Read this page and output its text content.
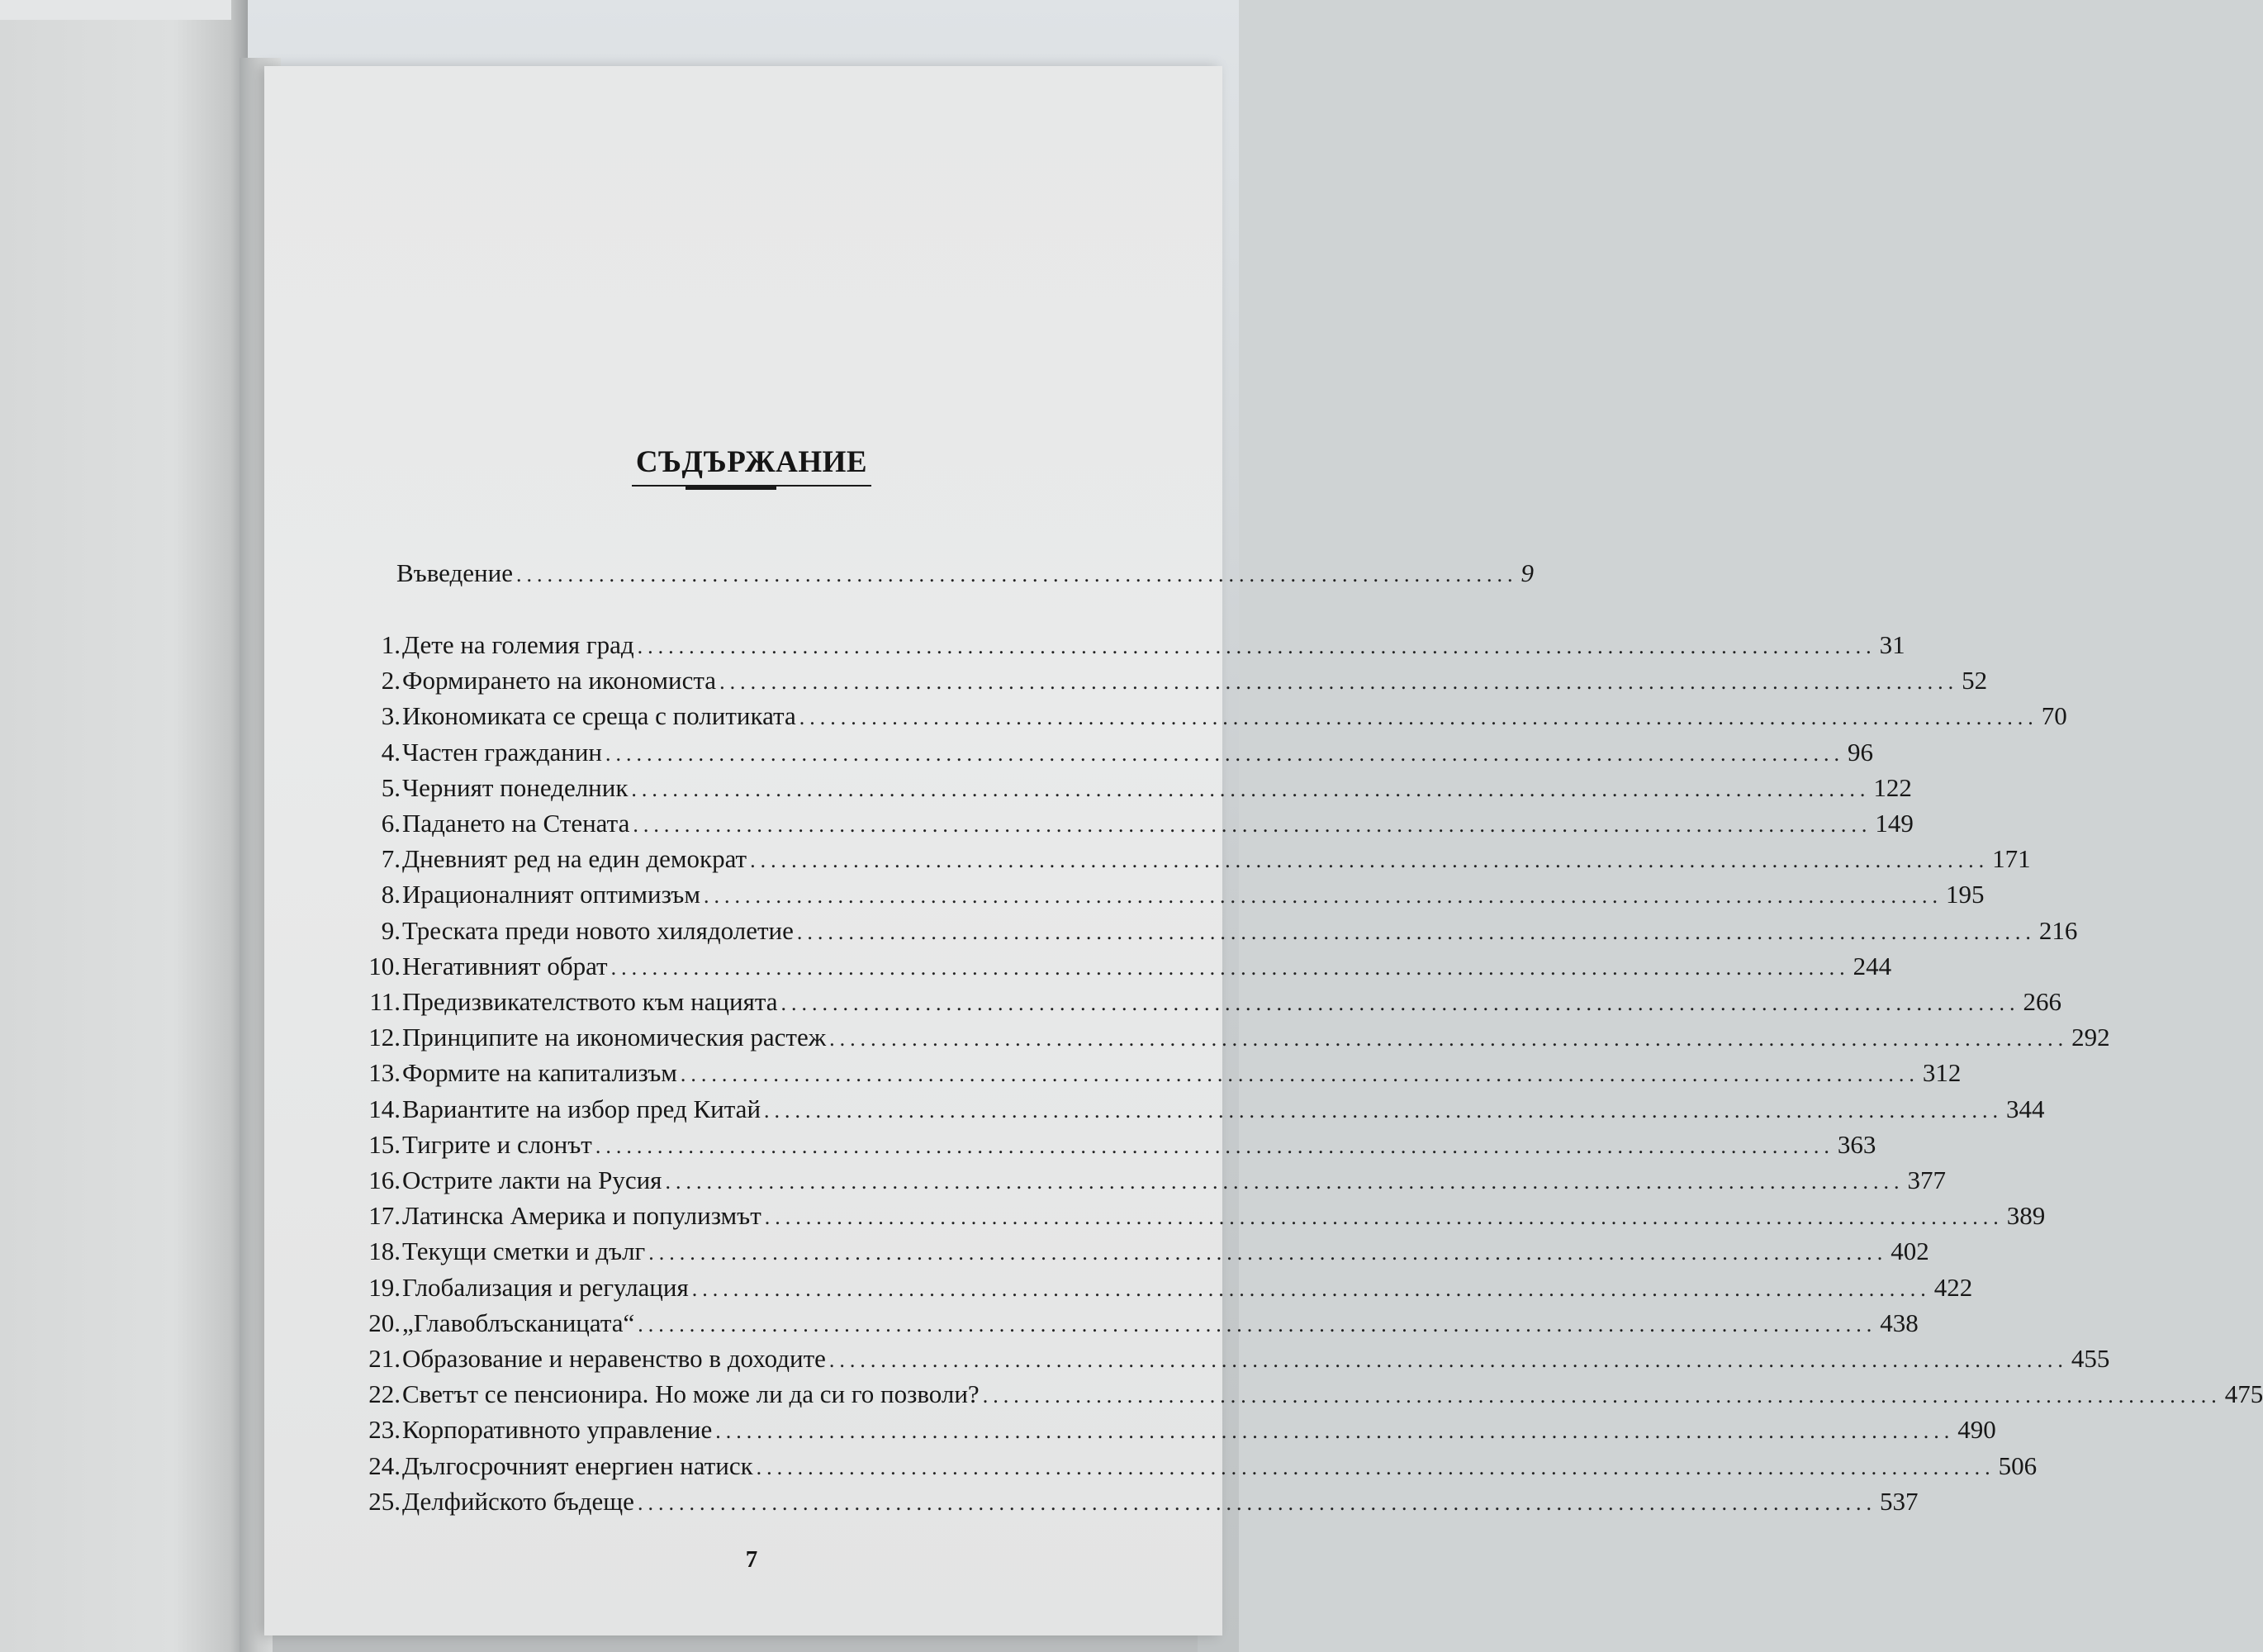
СЪДЪРЖАНИЕ
Въведение ................................................................................................. 9
1. Дете на големия град ........................................................................................................................ 31
2. Формирането на икономиста ........................................................................................................................ 52
3. Икономиката се среща с политиката ........................................................................................................................ 70
4. Частен гражданин ........................................................................................................................ 96
5. Черният понеделник ........................................................................................................................ 122
6. Падането на Стената ........................................................................................................................ 149
7. Дневният ред на един демократ ........................................................................................................................ 171
8. Ирационалният оптимизъм ........................................................................................................................ 195
9. Треската преди новото хилядолетие ........................................................................................................................ 216
10. Негативният обрат ........................................................................................................................ 244
11. Предизвикателството към нацията ........................................................................................................................ 266
12. Принципите на икономическия растеж ........................................................................................................................ 292
13. Формите на капитализъм ........................................................................................................................ 312
14. Вариантите на избор пред Китай ........................................................................................................................ 344
15. Тигрите и слонът ........................................................................................................................ 363
16. Острите лакти на Русия ........................................................................................................................ 377
17. Латинска Америка и популизмът ........................................................................................................................ 389
18. Текущи сметки и дълг ........................................................................................................................ 402
19. Глобализация и регулация ........................................................................................................................ 422
20. „Главоблъсканицата“ ........................................................................................................................ 438
21. Образование и неравенство в доходите ........................................................................................................................ 455
22. Светът се пенсионира. Но може ли да си го позволи? ........................................................................................................................ 475
23. Корпоративното управление ........................................................................................................................ 490
24. Дългосрочният енергиен натиск ........................................................................................................................ 506
25. Делфийското бъдеще ........................................................................................................................ 537
7
